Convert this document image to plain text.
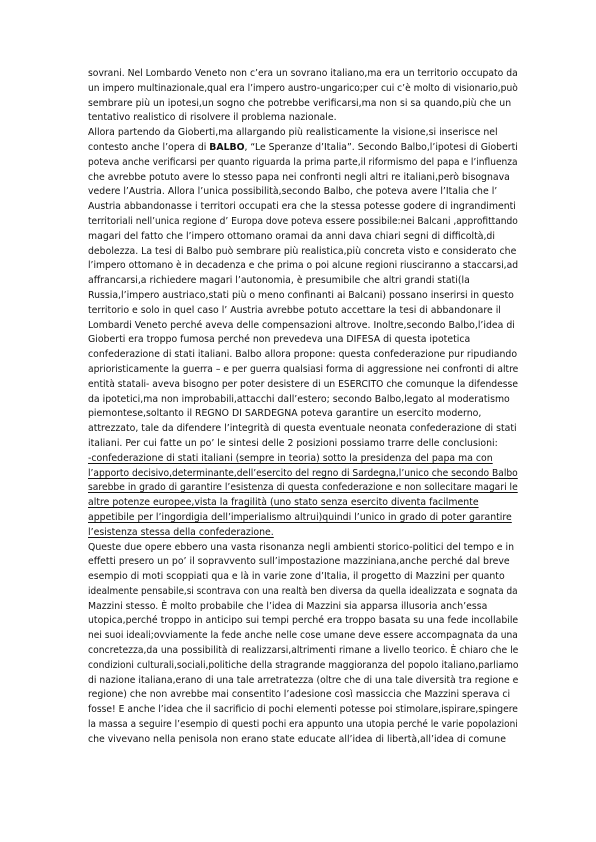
sovrani. Nel Lombardo Veneto non c’era un sovrano italiano,ma era un territorio occupato da
un impero multinazionale,qual era l’impero austro-ungarico;per cui c’è molto di visionario,può
sembrare più un ipotesi,un sogno che potrebbe verificarsi,ma non si sa quando,più che un
tentativo realistico di risolvere il problema nazionale.
Allora partendo da Gioberti,ma allargando più realisticamente la visione,si inserisce nel
contesto anche l’opera di BALBO, “Le Speranze d’Italia”. Secondo Balbo,l’ipotesi di Gioberti
poteva anche verificarsi per quanto riguarda la prima parte,il riformismo del papa e l’influenza
che avrebbe potuto avere lo stesso papa nei confronti negli altri re italiani,però bisognava
vedere l’Austria. Allora l’unica possibilità,secondo Balbo, che poteva avere l’Italia che l’
Austria abbandonasse i territori occupati era che la stessa potesse godere di ingrandimenti
territoriali nell’unica regione d’ Europa dove poteva essere possibile:nei Balcani ,approfittando
magari del fatto che l’impero ottomano oramai da anni dava chiari segni di difficoltà,di
debolezza. La tesi di Balbo può sembrare più realistica,più concreta visto e considerato che
l’impero ottomano è in decadenza e che prima o poi alcune regioni riusciranno a staccarsi,ad
affrancarsi,a richiedere magari l’autonomia, è presumibile che altri grandi stati(la
Russia,l’impero austriaco,stati più o meno confinanti ai Balcani) possano inserirsi in questo
territorio e solo in quel caso l’ Austria avrebbe potuto accettare la tesi di abbandonare il
Lombardi Veneto perché aveva delle compensazioni altrove. Inoltre,secondo Balbo,l’idea di
Gioberti era troppo fumosa perché non prevedeva una DIFESA di questa ipotetica
confederazione di stati italiani. Balbo allora propone: questa confederazione pur ripudiando
aprioristicamente la guerra – e per guerra qualsiasi forma di aggressione nei confronti di altre
entità statali- aveva bisogno per poter desistere di un ESERCITO che comunque la difendesse
da ipotetici,ma non improbabili,attacchi dall’estero; secondo Balbo,legato al moderatismo
piemontese,soltanto il REGNO DI SARDEGNA poteva garantire un esercito moderno,
attrezzato, tale da difendere l’integrità di questa eventuale neonata confederazione di stati
italiani. Per cui fatte un po’ le sintesi delle 2 posizioni possiamo trarre delle conclusioni:
-confederazione di stati italiani (sempre in teoria) sotto la presidenza del papa ma con
l’apporto decisivo,determinante,dell’esercito del regno di Sardegna,l’unico che secondo Balbo
sarebbe in grado di garantire l’esistenza di questa confederazione e non sollecitare magari le
altre potenze europee,vista la fragilità (uno stato senza esercito diventa facilmente
appetibile per l’ingordigia dell’imperialismo altrui)quindi l’unico in grado di poter garantire
l’esistenza stessa della confederazione.
Queste due opere ebbero una vasta risonanza negli ambienti storico-politici del tempo e in
effetti presero un po’ il sopravvento sull’impostazione mazziniana,anche perché dal breve
esempio di moti scoppiati qua e là in varie zone d’Italia, il progetto di Mazzini per quanto
idealmente pensabile,si scontrava con una realtà ben diversa da quella idealizzata e sognata da
Mazzini stesso. È molto probabile che l’idea di Mazzini sia apparsa illusoria anch’essa
utopica,perché troppo in anticipo sui tempi perché era troppo basata su una fede incollabile
nei suoi ideali;ovviamente la fede anche nelle cose umane deve essere accompagnata da una
concretezza,da una possibilità di realizzarsi,altrimenti rimane a livello teorico. È chiaro che le
condizioni culturali,sociali,politiche della stragrande maggioranza del popolo italiano,parliamo
di nazione italiana,erano di una tale arretratezza (oltre che di una tale diversità tra regione e
regione) che non avrebbe mai consentito l’adesione così massiccia che Mazzini sperava ci
fosse! E anche l’idea che il sacrificio di pochi elementi potesse poi stimolare,ispirare,spingere
la massa a seguire l’esempio di questi pochi era appunto una utopia perché le varie popolazioni
che vivevano nella penisola non erano state educate all’idea di libertà,all’idea di comune
